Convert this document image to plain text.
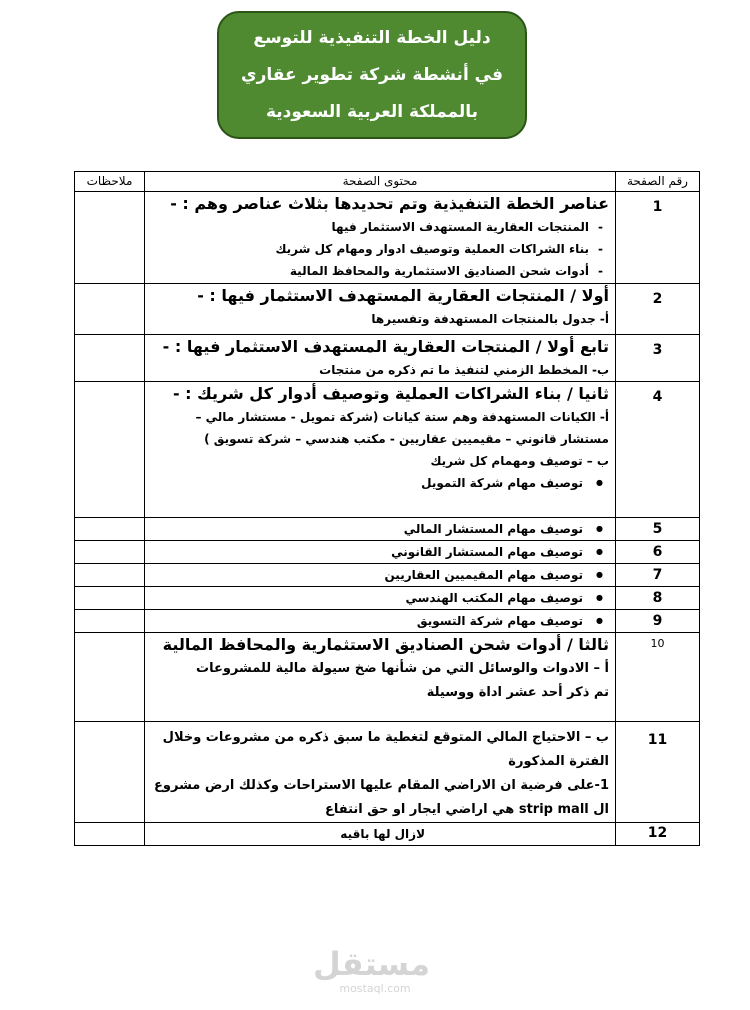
دليل الخطة التنفيذية للتوسع
في أنشطة شركة تطوير عقاري
بالمملكة العربية السعودية
رقم الصفحة	محتوى الصفحة	ملاحظات
1	عناصر الخطة التنفيذية وتم تحديدها بثلاث عناصر وهم : -
- المنتجات العقارية المستهدف الاستثمار فيها
- بناء الشراكات العملية وتوصيف ادوار ومهام كل شريك
- أدوات شحن الصناديق الاستثمارية والمحافظ المالية

2	أولا / المنتجات العقارية المستهدف الاستثمار فيها : -
أ- جدول بالمنتجات المستهدفة وتفسيرها	

3	تابع أولا / المنتجات العقارية المستهدف الاستثمار فيها : -
ب- المخطط الزمني لتنفيذ ما تم ذكره من منتجات	

4	ثانيا / بناء الشراكات العملية وتوصيف أدوار كل شريك : -
أ- الكيانات المستهدفة وهم ستة كيانات (شركة تمويل - مستشار مالي – مستشار قانوني – مقيميين عقاريين - مكتب هندسي – شركة تسويق )
ب – توصيف ومهمام كل شريك
● توصيف مهام شركة التمويل

5	● توصيف مهام المستشار المالي

6	● توصيف مهام المستشار القانوني

7	● توصيف مهام المقيميين العقاريين

8	● توصيف مهام المكتب الهندسي

9	● توصيف مهام شركة التسويق

10	ثالثا / أدوات شحن الصناديق الاستثمارية والمحافظ المالية
أ – الادوات والوسائل التي من شأنها ضخ سيولة مالية للمشروعات
تم ذكر أحد عشر اداة ووسيلة	

11	ب – الاحتياج المالي المتوقع لتغطية ما سبق ذكره من مشروعات وخلال الفترة المذكورة
1-على فرضية ان الاراضي المقام عليها الاستراحات وكذلك ارض مشروع ال strip mall هي اراضي ايجار او حق انتفاع	

12	لازال لها باقيه	

مستقل
mostaql.com
